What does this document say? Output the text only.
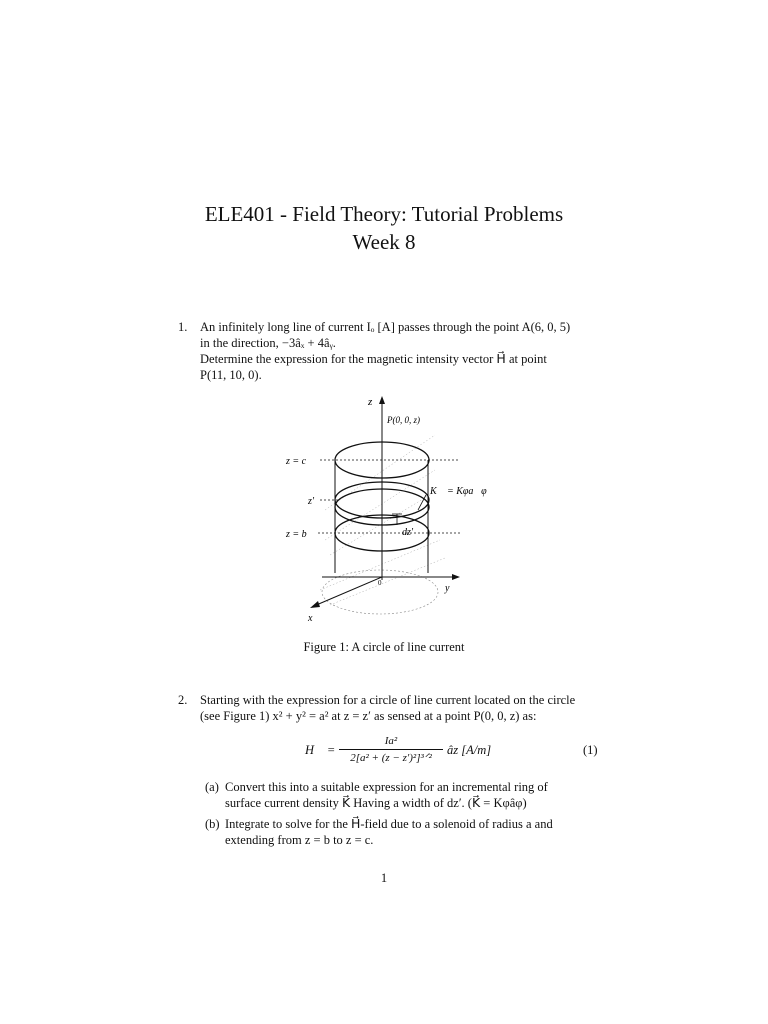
ELE401 - Field Theory: Tutorial Problems
Week 8
1. An infinitely long line of current Iₒ [A] passes through the point A(6, 0, 5)
in the direction, −3âₓ + 4âᵧ.
Determine the expression for the magnetic intensity vector H⃗ at point
P(11, 10, 0).
z
P(0, 0, z)
z = c
z′
z = b
K⃗ = Kφa⃗φ
dz′
0	y
x
Figure 1: A circle of line current
2. Starting with the expression for a circle of line current located on the circle
(see Figure 1) x² + y² = a² at z = z′ as sensed at a point P(0, 0, z) as:
H⃗ =
Ia²
2[a² + (z − z′)²]³ᐟ²
âz [A/m]	(1)
(a) Convert this into a suitable expression for an incremental ring of
surface current density K⃗ Having a width of dz′. (K⃗ = Kφâφ)
(b) Integrate to solve for the H⃗-field due to a solenoid of radius a and
extending from z = b to z = c.
1
